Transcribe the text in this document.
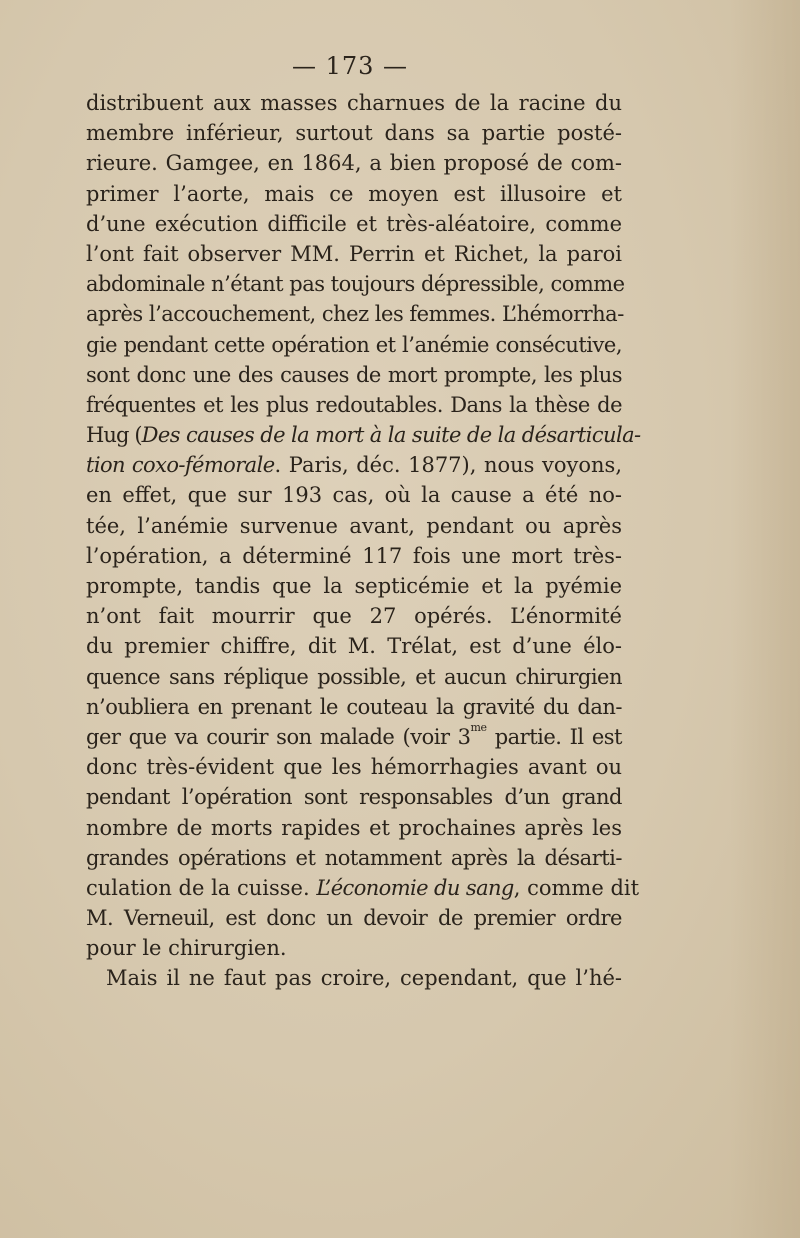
— 173 —
distribuent aux masses charnues de la racine du
membre inférieur, surtout dans sa partie posté-
rieure. Gamgee, en 1864, a bien proposé de com-
primer l’aorte, mais ce moyen est illusoire et
d’une exécution difficile et très-aléatoire, comme
l’ont fait observer MM. Perrin et Richet, la paroi
abdominale n’étant pas toujours dépressible, comme
après l’accouchement, chez les femmes. L’hémorrha-
gie pendant cette opération et l’anémie consécutive,
sont donc une des causes de mort prompte, les plus
fréquentes et les plus redoutables. Dans la thèse de
Hug (Des causes de la mort à la suite de la désarticula-
tion coxo-fémorale. Paris, déc. 1877), nous voyons,
en effet, que sur 193 cas, où la cause a été no-
tée, l’anémie survenue avant, pendant ou après
l’opération, a déterminé 117 fois une mort très-
prompte, tandis que la septicémie et la pyémie
n’ont fait mourrir que 27 opérés. L’énormité
du premier chiffre, dit M. Trélat, est d’une élo-
quence sans réplique possible, et aucun chirurgien
n’oubliera en prenant le couteau la gravité du dan-
ger que va courir son malade (voir $3^{me}$ partie. Il est
donc très-évident que les hémorrhagies avant ou
pendant l’opération sont responsables d’un grand
nombre de morts rapides et prochaines après les
grandes opérations et notamment après la désarti-
culation de la cuisse. L’économie du sang, comme dit
M. Verneuil, est donc un devoir de premier ordre
pour le chirurgien.
Mais il ne faut pas croire, cependant, que l’hé-
